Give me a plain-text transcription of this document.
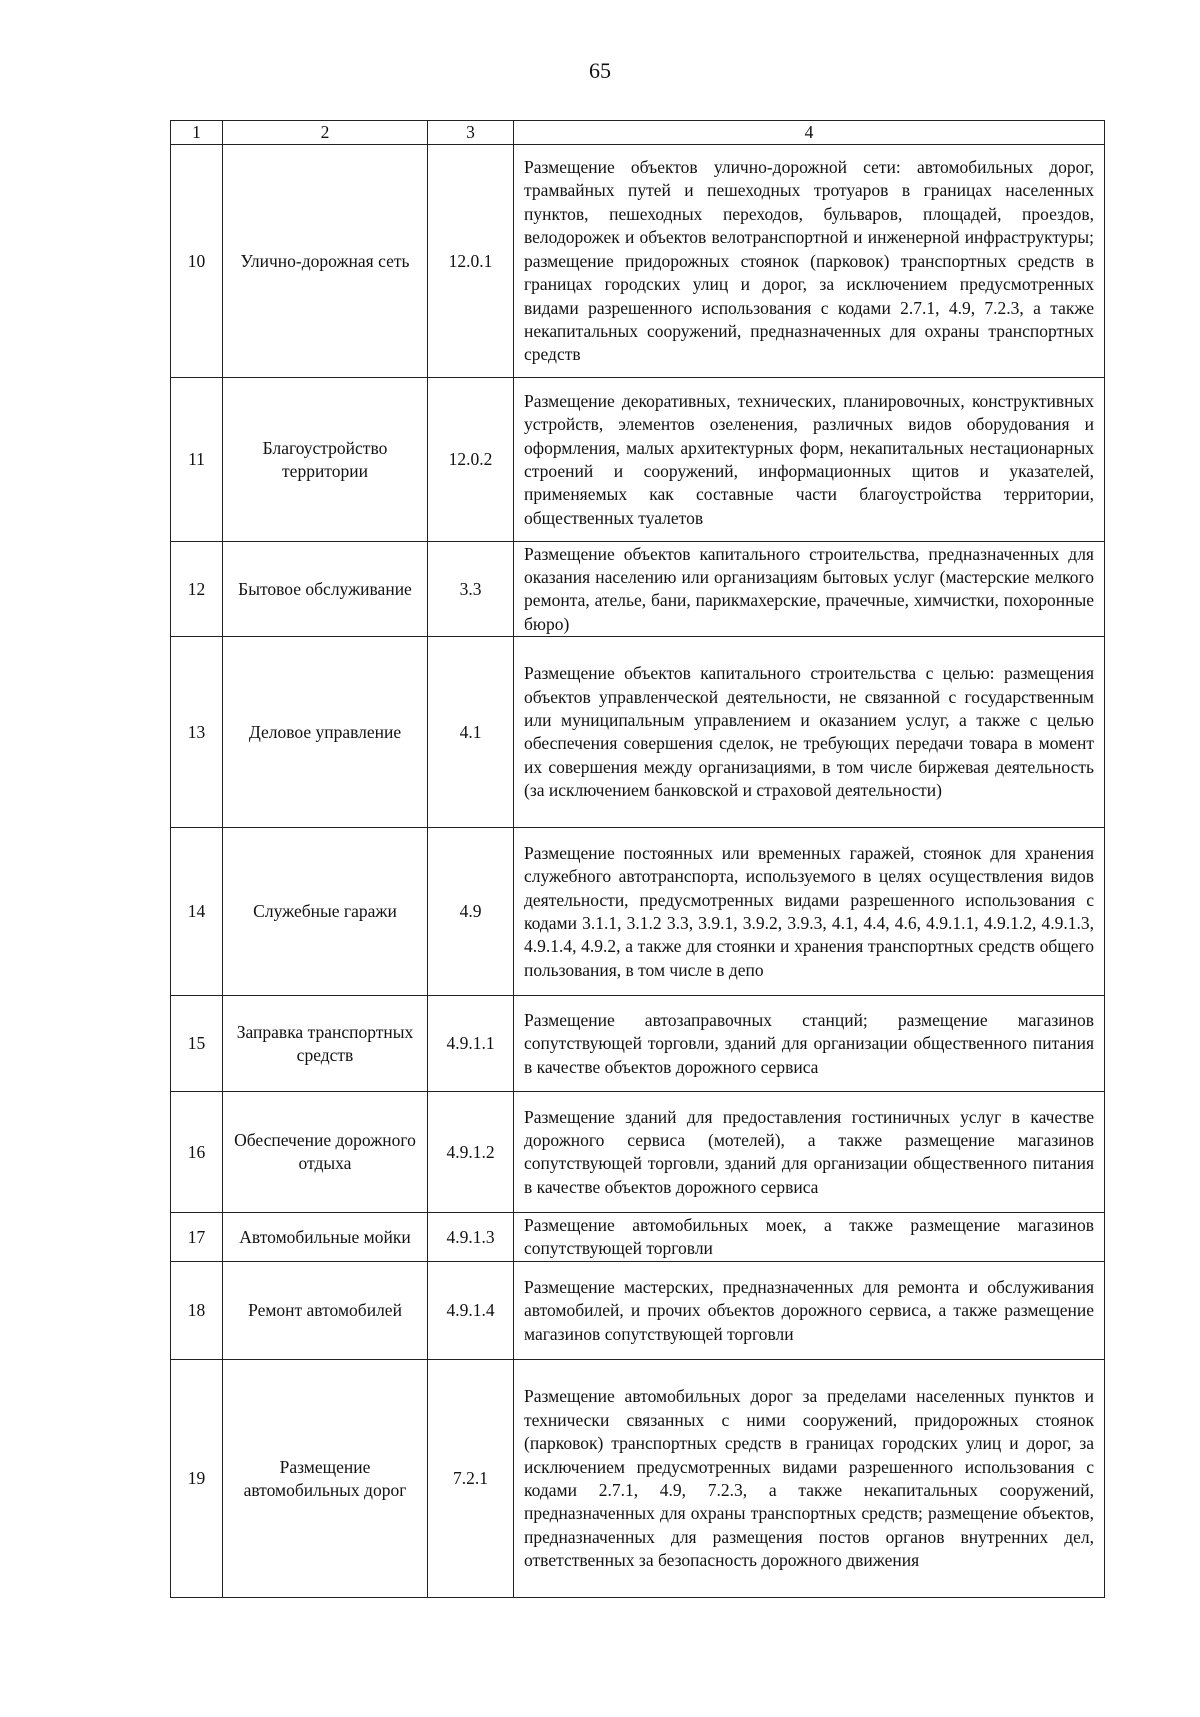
65
1	2	3	4
10	Улично-дорожная сеть	12.0.1	Размещение объектов улично-дорожной сети: автомобильных дорог, трамвайных путей и пешеходных тротуаров в границах населенных пунктов, пешеходных переходов, бульваров, площадей, проездов, велодорожек и объектов велотранспортной и инженерной инфраструктуры; размещение придорожных стоянок (парковок) транспортных средств в границах городских улиц и дорог, за исключением предусмотренных видами разрешенного использования с кодами 2.7.1, 4.9, 7.2.3, а также некапитальных сооружений, предназначенных для охраны транспортных средств
11	Благоустройство территории	12.0.2	Размещение декоративных, технических, планировочных, конструктивных устройств, элементов озеленения, различных видов оборудования и оформления, малых архитектурных форм, некапитальных нестационарных строений и сооружений, информационных щитов и указателей, применяемых как составные части благоустройства территории, общественных туалетов
12	Бытовое обслуживание	3.3	Размещение объектов капитального строительства, предназначенных для оказания населению или организациям бытовых услуг (мастерские мелкого ремонта, ателье, бани, парикмахерские, прачечные, химчистки, похоронные бюро)
13	Деловое управление	4.1	Размещение объектов капитального строительства с целью: размещения объектов управленческой деятельности, не связанной с государственным или муниципальным управлением и оказанием услуг, а также с целью обеспечения совершения сделок, не требующих передачи товара в момент их совершения между организациями, в том числе биржевая деятельность (за исключением банковской и страховой деятельности)
14	Служебные гаражи	4.9	Размещение постоянных или временных гаражей, стоянок для хранения служебного автотранспорта, используемого в целях осуществления видов деятельности, предусмотренных видами разрешенного использования с кодами 3.1.1, 3.1.2 3.3, 3.9.1, 3.9.2, 3.9.3, 4.1, 4.4, 4.6, 4.9.1.1, 4.9.1.2, 4.9.1.3, 4.9.1.4, 4.9.2, а также для стоянки и хранения транспортных средств общего пользования, в том числе в депо
15	Заправка транспортных средств	4.9.1.1	Размещение автозаправочных станций; размещение магазинов сопутствующей торговли, зданий для организации общественного питания в качестве объектов дорожного сервиса
16	Обеспечение дорожного отдыха	4.9.1.2	Размещение зданий для предоставления гостиничных услуг в качестве дорожного сервиса (мотелей), а также размещение магазинов сопутствующей торговли, зданий для организации общественного питания в качестве объектов дорожного сервиса
17	Автомобильные мойки	4.9.1.3	Размещение автомобильных моек, а также размещение магазинов сопутствующей торговли
18	Ремонт автомобилей	4.9.1.4	Размещение мастерских, предназначенных для ремонта и обслуживания автомобилей, и прочих объектов дорожного сервиса, а также размещение магазинов сопутствующей торговли
19	Размещение автомобильных дорог	7.2.1	Размещение автомобильных дорог за пределами населенных пунктов и технически связанных с ними сооружений, придорожных стоянок (парковок) транспортных средств в границах городских улиц и дорог, за исключением предусмотренных видами разрешенного использования с кодами 2.7.1, 4.9, 7.2.3, а также некапитальных сооружений, предназначенных для охраны транспортных средств; размещение объектов, предназначенных для размещения постов органов внутренних дел, ответственных за безопасность дорожного движения
